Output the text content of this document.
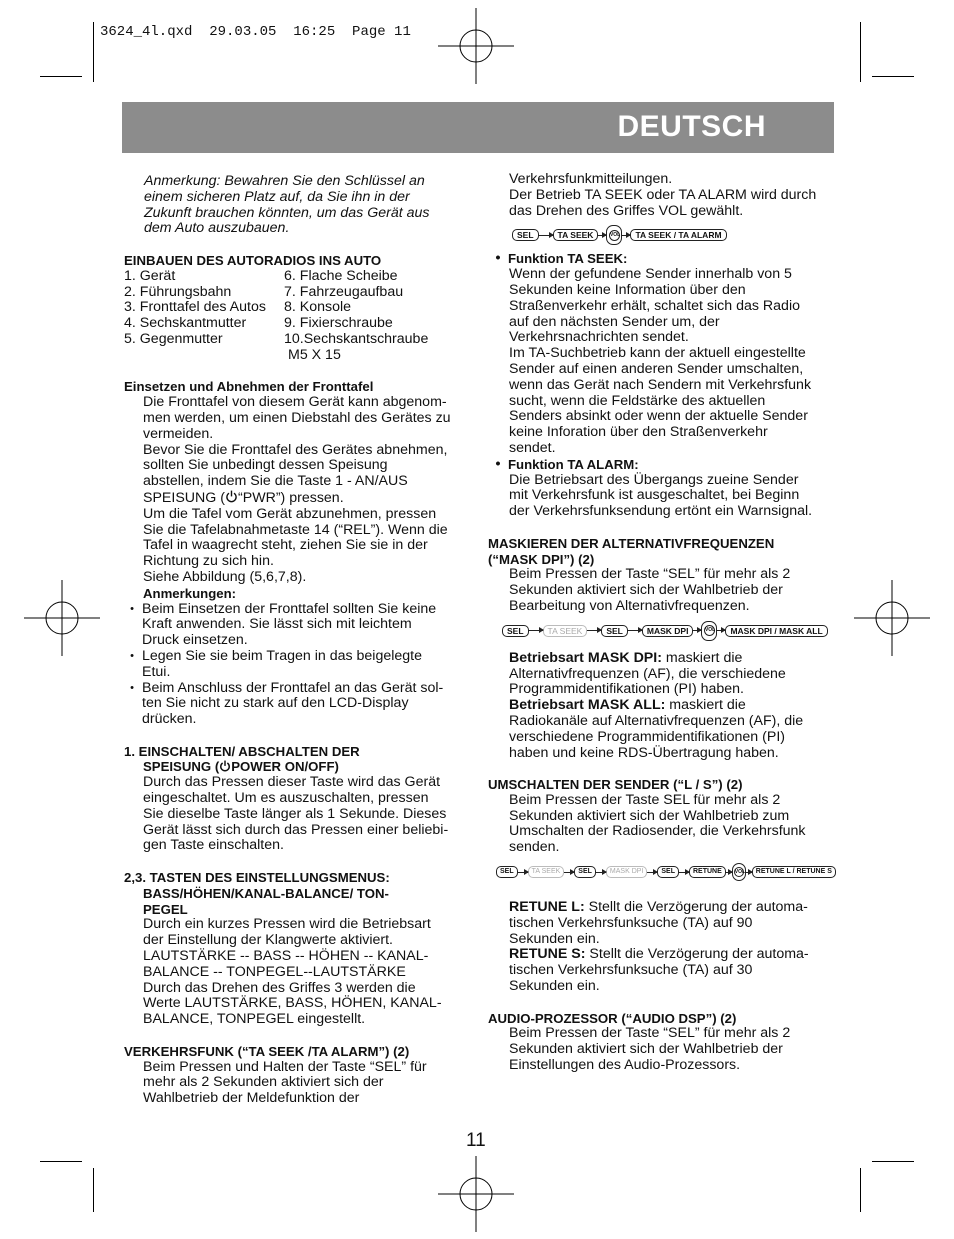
3624_4l.qxd  29.03.05  16:25  Page 11
DEUTSCH

Anmerkung: Bewahren Sie den Schlüssel an

einem sicheren Platz auf, da Sie ihn in der

Zukunft brauchen könnten, um das Gerät aus

dem Auto auszubauen.

EINBAUEN DES AUTORADIOS INS AUTO

1. Gerät	6. Flache Scheibe
2. Führungsbahn	7. Fahrzeugaufbau
3. Fronttafel des Autos	8. Konsole
4. Sechskantmutter	9. Fixierschraube
5. Gegenmutter	10.Sechskantschraube
M5 X 15

Einsetzen und Abnehmen der Fronttafel

Die Fronttafel von diesem Gerät kann abgenom-

men werden, um einen Diebstahl des Gerätes zu

vermeiden.

Bevor Sie die Fronttafel des Gerätes abnehmen,

sollten Sie unbedingt dessen Speisung

abstellen, indem Sie die Taste 1 - AN/AUS

SPEISUNG ( “PWR”) pressen.

Um die Tafel vom Gerät abzunehmen, pressen

Sie die Tafelabnahmetaste 14 (“REL”). Wenn die

Tafel in waagrecht steht, ziehen Sie sie in der

Richtung zu sich hin.

Siehe Abbildung (5,6,7,8).

Anmerkungen:

• Beim Einsetzen der Fronttafel sollten Sie keine

Kraft anwenden. Sie lässt sich mit leichtem

Druck einsetzen.

• Legen Sie sie beim Tragen in das beigelegte

Etui.

• Beim Anschluss der Fronttafel an das Gerät sol-

ten Sie nicht zu stark auf den LCD-Display

drücken.

1. EINSCHALTEN/ ABSCHALTEN DER

SPEISUNG ( POWER ON/OFF)

Durch das Pressen dieser Taste wird das Gerät

eingeschaltet. Um es auszuschalten, pressen

Sie dieselbe Taste länger als 1 Sekunde. Dieses

Gerät lässt sich durch das Pressen einer beliebi-

gen Taste einschalten.

2,3. TASTEN DES EINSTELLUNGSMENUS:

BASS/HÖHEN/KANAL-BALANCE/ TON-

PEGEL

Durch ein kurzes Pressen wird die Betriebsart

der Einstellung der Klangwerte aktiviert.

LAUTSTÄRKE -- BASS -- HÖHEN -- KANAL-

BALANCE -- TONPEGEL--LAUTSTÄRKE

Durch das Drehen des Griffes 3 werden die

Werte LAUTSTÄRKE, BASS, HÖHEN, KANAL-

BALANCE, TONPEGEL eingestellt.

VERKEHRSFUNK (“TA SEEK /TA ALARM”) (2)

Beim Pressen und Halten der Taste “SEL” für

mehr als 2 Sekunden aktiviert sich der

Wahlbetrieb der Meldefunktion der

Verkehrsfunkmitteilungen.

Der Betrieb TA SEEK oder TA ALARM wird durch

das Drehen des Griffes VOL gewählt.

SEL	TA SEEK	VOL	TA SEEK / TA ALARM
• Funktion TA SEEK:

Wenn der gefundene Sender innerhalb von 5

Sekunden keine Information über den

Straßenverkehr erhält, schaltet sich das Radio

auf den nächsten Sender um, der

Verkehrsnachrichten sendet.

Im TA-Suchbetrieb kann der aktuell eingestellte

Sender auf einen anderen Sender umschalten,

wenn das Gerät nach Sendern mit Verkehrsfunk

sucht, wenn die Feldstärke des aktuellen

Senders absinkt oder wenn der aktuelle Sender

keine Inforation über den Straßenverkehr

sendet.

• Funktion TA ALARM:

Die Betriebsart des Übergangs zueine Sender

mit Verkehrsfunk ist ausgeschaltet, bei Beginn

der Verkehrsfunksendung ertönt ein Warnsignal.

MASKIEREN DER ALTERNATIVFREQUENZEN

(“MASK DPI”) (2)

Beim Pressen der Taste “SEL” für mehr als 2

Sekunden aktiviert sich der Wahlbetrieb der

Bearbeitung von Alternativfrequenzen.

SEL	TA SEEK	SEL	MASK DPI	VOL	MASK DPI / MASK ALL

Betriebsart MASK DPI: maskiert die

Alternativfrequenzen (AF), die verschiedene

Programmidentifikationen (PI) haben.

Betriebsart MASK ALL: maskiert die

Radiokanäle auf Alternativfrequenzen (AF), die

verschiedene Programmidentifikationen (PI)

haben und keine RDS-Übertragung haben.

UMSCHALTEN DER SENDER (“L / S”) (2)

Beim Pressen der Taste SEL für mehr als 2

Sekunden aktiviert sich der Wahlbetrieb zum

Umschalten der Radiosender, die Verkehrsfunk

senden.

SEL	TA SEEK	SEL	MASK DPI	SEL	RETUNE	VOL	RETUNE L / RETUNE S

RETUNE L: Stellt die Verzögerung der automa-

tischen Verkehrsfunksuche (TA) auf 90

Sekunden ein.

RETUNE S: Stellt die Verzögerung der automa-

tischen Verkehrsfunksuche (TA) auf 30

Sekunden ein.

AUDIO-PROZESSOR (“AUDIO DSP”) (2)

Beim Pressen der Taste “SEL” für mehr als 2

Sekunden aktiviert sich der Wahlbetrieb der

Einstellungen des Audio-Prozessors.

11
